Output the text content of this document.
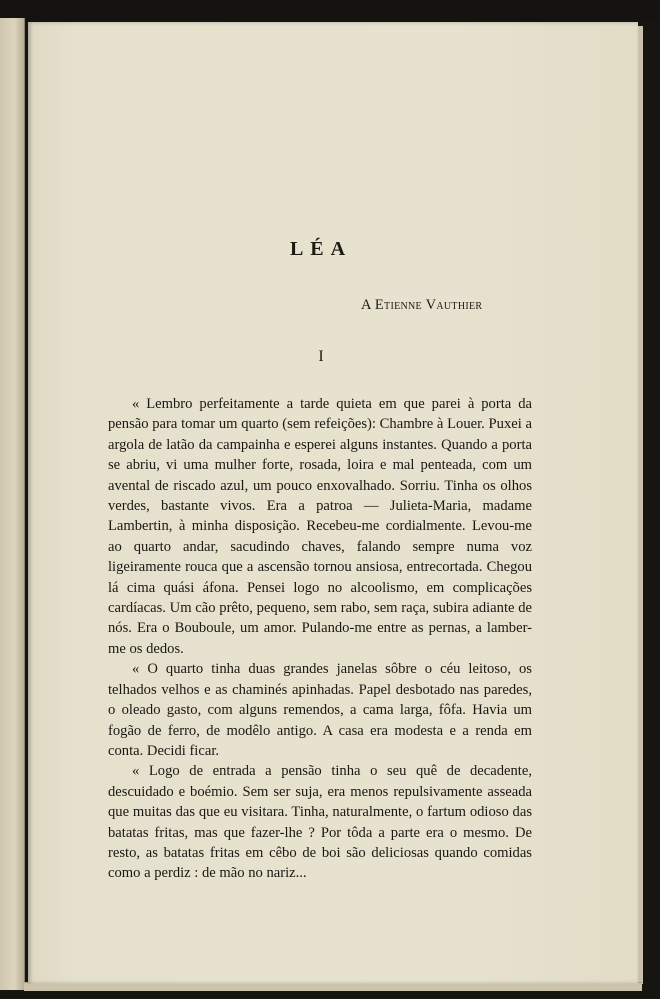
LÉA
A Etienne Vauthier
I

« Lembro perfeitamente a tarde quieta em que parei à porta da pensão para tomar um quarto (sem refeições): Chambre à Louer. Puxei a argola de latão da campainha e esperei alguns instantes. Quando a porta se abriu, vi uma mulher forte, rosada, loira e mal penteada, com um avental de riscado azul, um pouco enxovalhado. Sorriu. Tinha os olhos verdes, bastante vivos. Era a patroa — Julieta-Maria, madame Lambertin, à minha disposição. Recebeu-me cordialmente. Levou-me ao quarto andar, sacudindo chaves, falando sempre numa voz ligeiramente rouca que a ascensão tornou ansiosa, entrecortada. Chegou lá cima quási áfona. Pensei logo no alcoolismo, em complicações cardíacas. Um cão prêto, pequeno, sem rabo, sem raça, subira adiante de nós. Era o Bouboule, um amor. Pulando-me entre as pernas, a lamber-me os dedos.

« O quarto tinha duas grandes janelas sôbre o céu leitoso, os telhados velhos e as chaminés apinhadas. Papel desbotado nas paredes, o oleado gasto, com alguns remendos, a cama larga, fôfa. Havia um fogão de ferro, de modêlo antigo. A casa era modesta e a renda em conta. Decidi ficar.

« Logo de entrada a pensão tinha o seu quê de decadente, descuidado e boémio. Sem ser suja, era menos repulsivamente asseada que muitas das que eu visitara. Tinha, naturalmente, o fartum odioso das batatas fritas, mas que fazer-lhe ? Por tôda a parte era o mesmo. De resto, as batatas fritas em cêbo de boi são deliciosas quando comidas como a perdiz : de mão no nariz...
